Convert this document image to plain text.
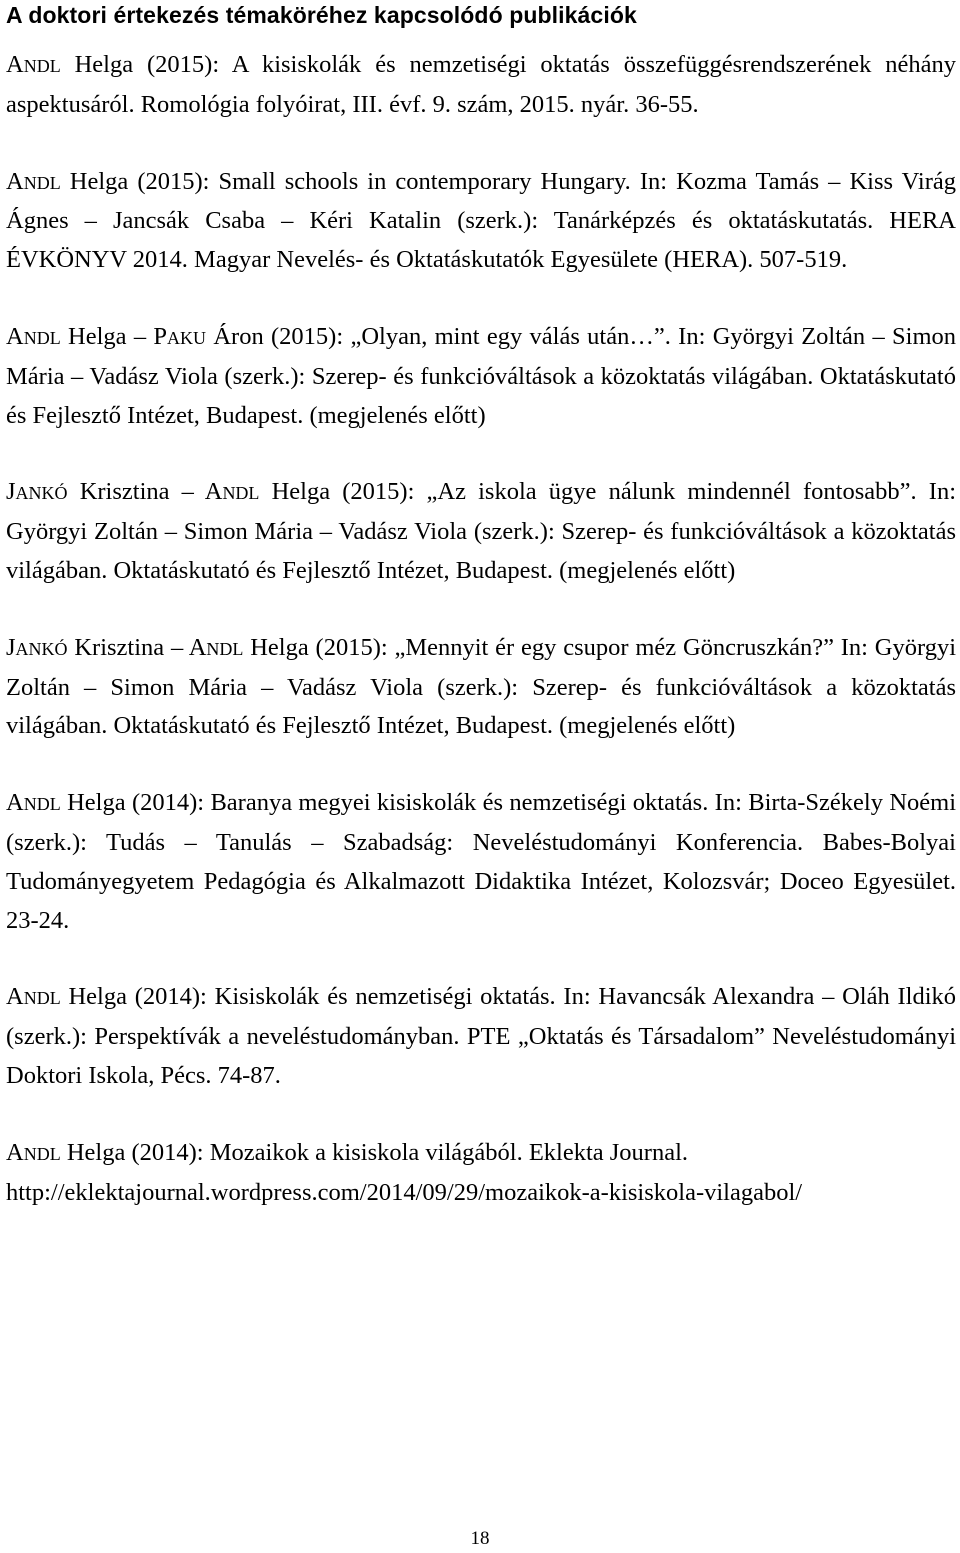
A doktori értekezés témaköréhez kapcsolódó publikációk

ANDL Helga (2015): A kisiskolák és nemzetiségi oktatás összefüggésrendszerének néhány aspektusáról. Romológia folyóirat, III. évf. 9. szám, 2015. nyár. 36-55.

ANDL Helga (2015): Small schools in contemporary Hungary. In: Kozma Tamás – Kiss Virág Ágnes – Jancsák Csaba – Kéri Katalin (szerk.): Tanárképzés és oktatáskutatás. HERA ÉVKÖNYV 2014. Magyar Nevelés- és Oktatáskutatók Egyesülete (HERA). 507-519.

ANDL Helga – PAKU Áron (2015): „Olyan, mint egy válás után…”. In: Györgyi Zoltán – Simon Mária – Vadász Viola (szerk.): Szerep- és funkcióváltások a közoktatás világában. Oktatáskutató és Fejlesztő Intézet, Budapest. (megjelenés előtt)

JANKÓ Krisztina – ANDL Helga (2015): „Az iskola ügye nálunk mindennél fontosabb”. In: Györgyi Zoltán – Simon Mária – Vadász Viola (szerk.): Szerep- és funkcióváltások a közoktatás világában. Oktatáskutató és Fejlesztő Intézet, Budapest. (megjelenés előtt)

JANKÓ Krisztina – ANDL Helga (2015): „Mennyit ér egy csupor méz Göncruszkán?” In: Györgyi Zoltán – Simon Mária – Vadász Viola (szerk.): Szerep- és funkcióváltások a közoktatás világában. Oktatáskutató és Fejlesztő Intézet, Budapest. (megjelenés előtt)

ANDL Helga (2014): Baranya megyei kisiskolák és nemzetiségi oktatás. In: Birta-Székely Noémi (szerk.): Tudás – Tanulás – Szabadság: Neveléstudományi Konferencia. Babes-Bolyai Tudományegyetem Pedagógia és Alkalmazott Didaktika Intézet, Kolozsvár; Doceo Egyesület. 23-24.

ANDL Helga (2014): Kisiskolák és nemzetiségi oktatás. In: Havancsák Alexandra – Oláh Ildikó (szerk.): Perspektívák a neveléstudományban. PTE „Oktatás és Társadalom” Neveléstudományi Doktori Iskola, Pécs. 74-87.

ANDL Helga (2014): Mozaikok a kisiskola világából. Eklekta Journal.
http://eklektajournal.wordpress.com/2014/09/29/mozaikok-a-kisiskola-vilagabol/

18
